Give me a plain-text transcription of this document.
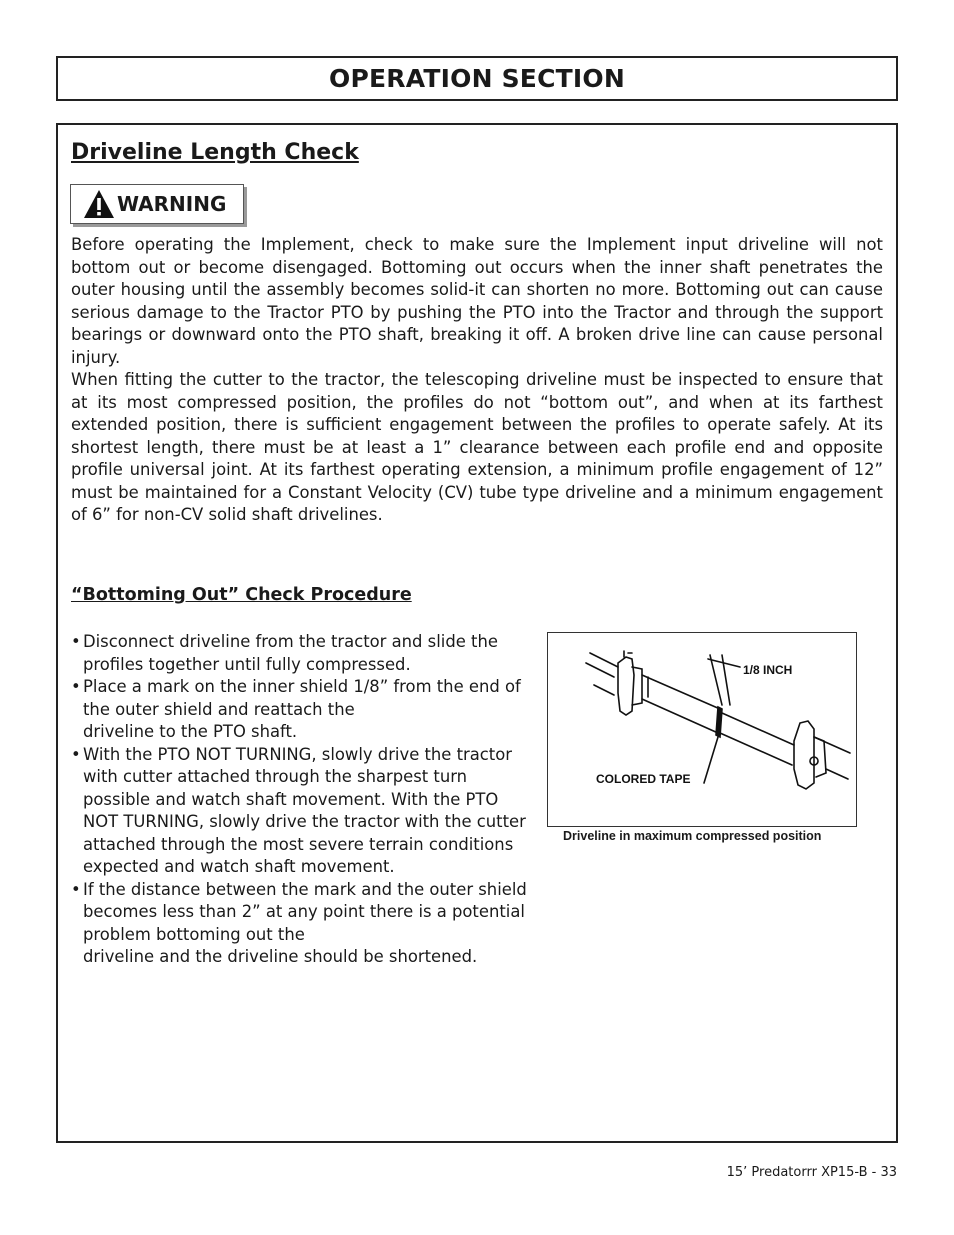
OPERATION SECTION
Driveline Length Check
WARNING

Before operating the Implement, check to make sure the Implement input driveline will not bottom out or become disengaged. Bottoming out occurs when the inner shaft penetrates the outer housing until the assembly becomes solid-it can shorten no more. Bottoming out can cause serious damage to the Tractor PTO by pushing the PTO into the Tractor and through the support bearings or downward onto the PTO shaft, breaking it off. A broken drive line can cause personal injury.

When fitting the cutter to the tractor, the telescoping driveline must be inspected to ensure that at its most compressed position, the profiles do not “bottom out”, and when at its farthest extended position, there is sufficient engagement between the profiles to operate safely. At its shortest length, there must be at least a 1” clearance between each profile end and opposite profile universal joint. At its farthest operating extension, a minimum profile engagement of 12” must be maintained for a Constant Velocity (CV) tube type driveline and a minimum engagement of 6” for non-CV solid shaft drivelines.

“Bottoming Out” Check Procedure
• Disconnect driveline from the tractor and slide the profiles together until fully compressed.
• Place a mark on the inner shield 1/8” from the end of the outer shield and reattach the
driveline to the PTO shaft.
• With the PTO NOT TURNING, slowly drive the tractor with cutter attached through the sharpest turn possible and watch shaft movement. With the PTO NOT TURNING, slowly drive the tractor with the cutter attached through the most severe terrain conditions expected and watch shaft movement.
• If the distance between the mark and the outer shield becomes less than 2” at any point there is a potential problem bottoming out the
driveline and the driveline should be shortened.
1/8 INCH
COLORED TAPE
Driveline in maximum compressed position
15’ Predatorrr XP15-B - 33
